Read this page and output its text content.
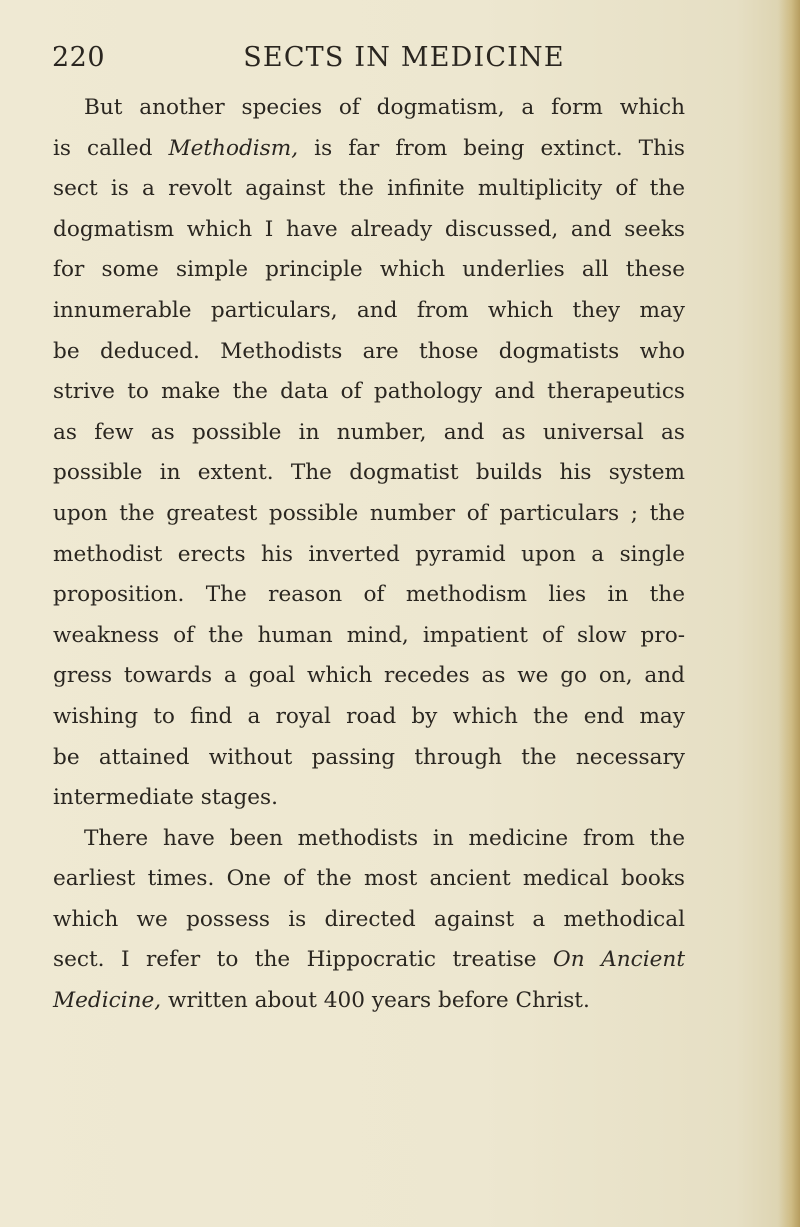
220	SECTS IN MEDICINE
But another species of dogmatism, a form which
is called Methodism, is far from being extinct. This
sect is a revolt against the infinite multiplicity of the
dogmatism which I have already discussed, and seeks
for some simple principle which underlies all these
innumerable particulars, and from which they may
be deduced. Methodists are those dogmatists who
strive to make the data of pathology and therapeutics
as few as possible in number, and as universal as
possible in extent. The dogmatist builds his system
upon the greatest possible number of particulars ; the
methodist erects his inverted pyramid upon a single
proposition. The reason of methodism lies in the
weakness of the human mind, impatient of slow pro-
gress towards a goal which recedes as we go on, and
wishing to find a royal road by which the end may
be attained without passing through the necessary
intermediate stages.
There have been methodists in medicine from the
earliest times. One of the most ancient medical books
which we possess is directed against a methodical
sect. I refer to the Hippocratic treatise On Ancient
Medicine, written about 400 years before Christ.
